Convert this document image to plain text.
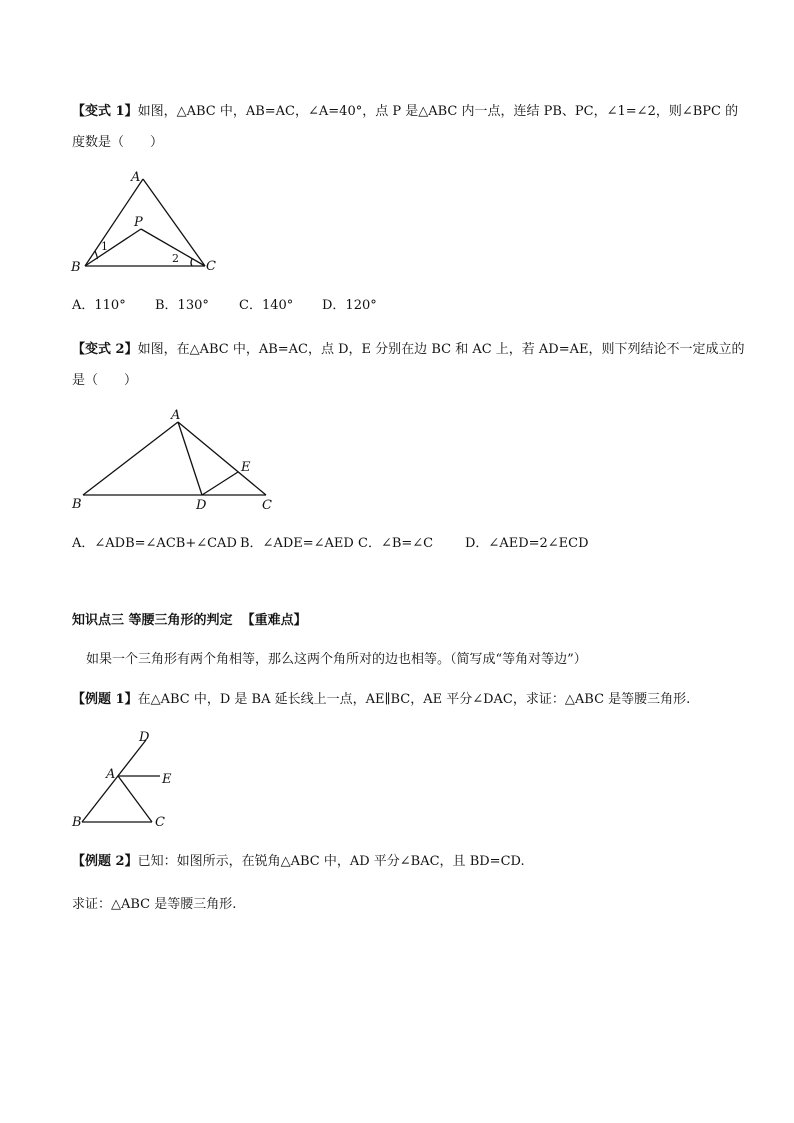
【变式 1】如图，△ABC 中，AB=AC，∠A=40°，点 P 是△ABC 内一点，连结 PB、PC，∠1=∠2，则∠BPC 的
度数是（　　）
A
P
B	C
1
2
A．110° B．130° C．140° D．120°
【变式 2】如图，在△ABC 中，AB=AC，点 D，E 分别在边 BC 和 AC 上，若 AD=AE，则下列结论不一定成立的
是（　　）
A
E
B	D	C
A．∠ADB=∠ACB+∠CAD B．∠ADE=∠AED C．∠B=∠C D．∠AED=2∠ECD
知识点三 等腰三角形的判定 【重难点】
如果一个三角形有两个角相等，那么这两个角所对的边也相等。（简写成“等角对等边”）
【例题 1】在△ABC 中，D 是 BA 延长线上一点，AE∥BC，AE 平分∠DAC，求证：△ABC 是等腰三角形.
D
A	E
B	C
【例题 2】已知：如图所示，在锐角△ABC 中，AD 平分∠BAC，且 BD=CD.
求证：△ABC 是等腰三角形.
